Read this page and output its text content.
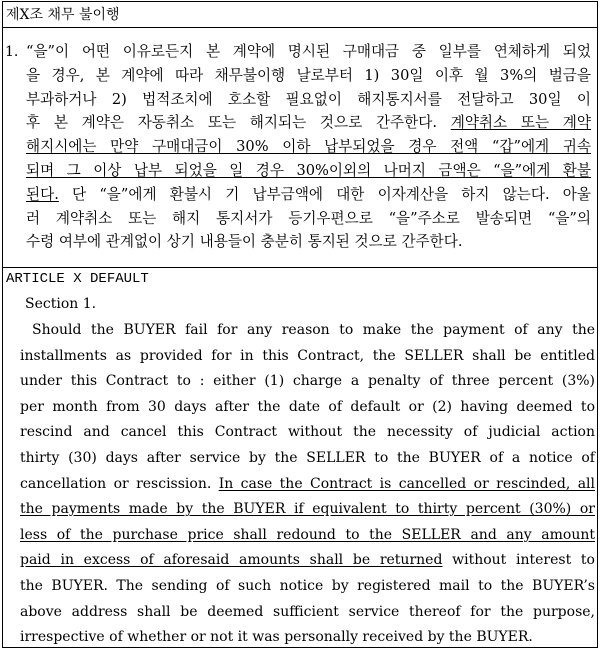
제X조 채무 불이행
1. “을”이 어떤 이유로든지 본 계약에 명시된 구매대금 중 일부를 연체하게 되었
을 경우, 본 계약에 따라 채무불이행 날로부터 1) 30일 이후 월 3%의 벌금을
부과하거나 2) 법적조치에 호소할 필요없이 해지통지서를 전달하고 30일 이
후 본 계약은 자동취소 또는 해지되는 것으로 간주한다. 계약취소 또는 계약
해지시에는 만약 구매대금이 30% 이하 납부되었을 경우 전액 “갑”에게 귀속
되며 그 이상 납부 되었을 일 경우 30%이외의 나머지 금액은 “을”에게 환불
된다. 단 “을”에게 환불시 기 납부금액에 대한 이자계산을 하지 않는다. 아울
러 계약취소 또는 해지 통지서가 등기우편으로 “을”주소로 발송되면 “을”의
수령 여부에 관계없이 상기 내용들이 충분히 통지된 것으로 간주한다.
ARTICLE X DEFAULT
Section 1.
Should the BUYER fail for any reason to make the payment of any the
installments as provided for in this Contract, the SELLER shall be entitled
under this Contract to : either (1) charge a penalty of three percent (3%)
per month from 30 days after the date of default or (2) having deemed to
rescind and cancel this Contract without the necessity of judicial action
thirty (30) days after service by the SELLER to the BUYER of a notice of
cancellation or rescission. In case the Contract is cancelled or rescinded, all
the payments made by the BUYER if equivalent to thirty percent (30%) or
less of the purchase price shall redound to the SELLER and any amount
paid in excess of aforesaid amounts shall be returned without interest to
the BUYER. The sending of such notice by registered mail to the BUYER’s
above address shall be deemed sufficient service thereof for the purpose,
irrespective of whether or not it was personally received by the BUYER.
